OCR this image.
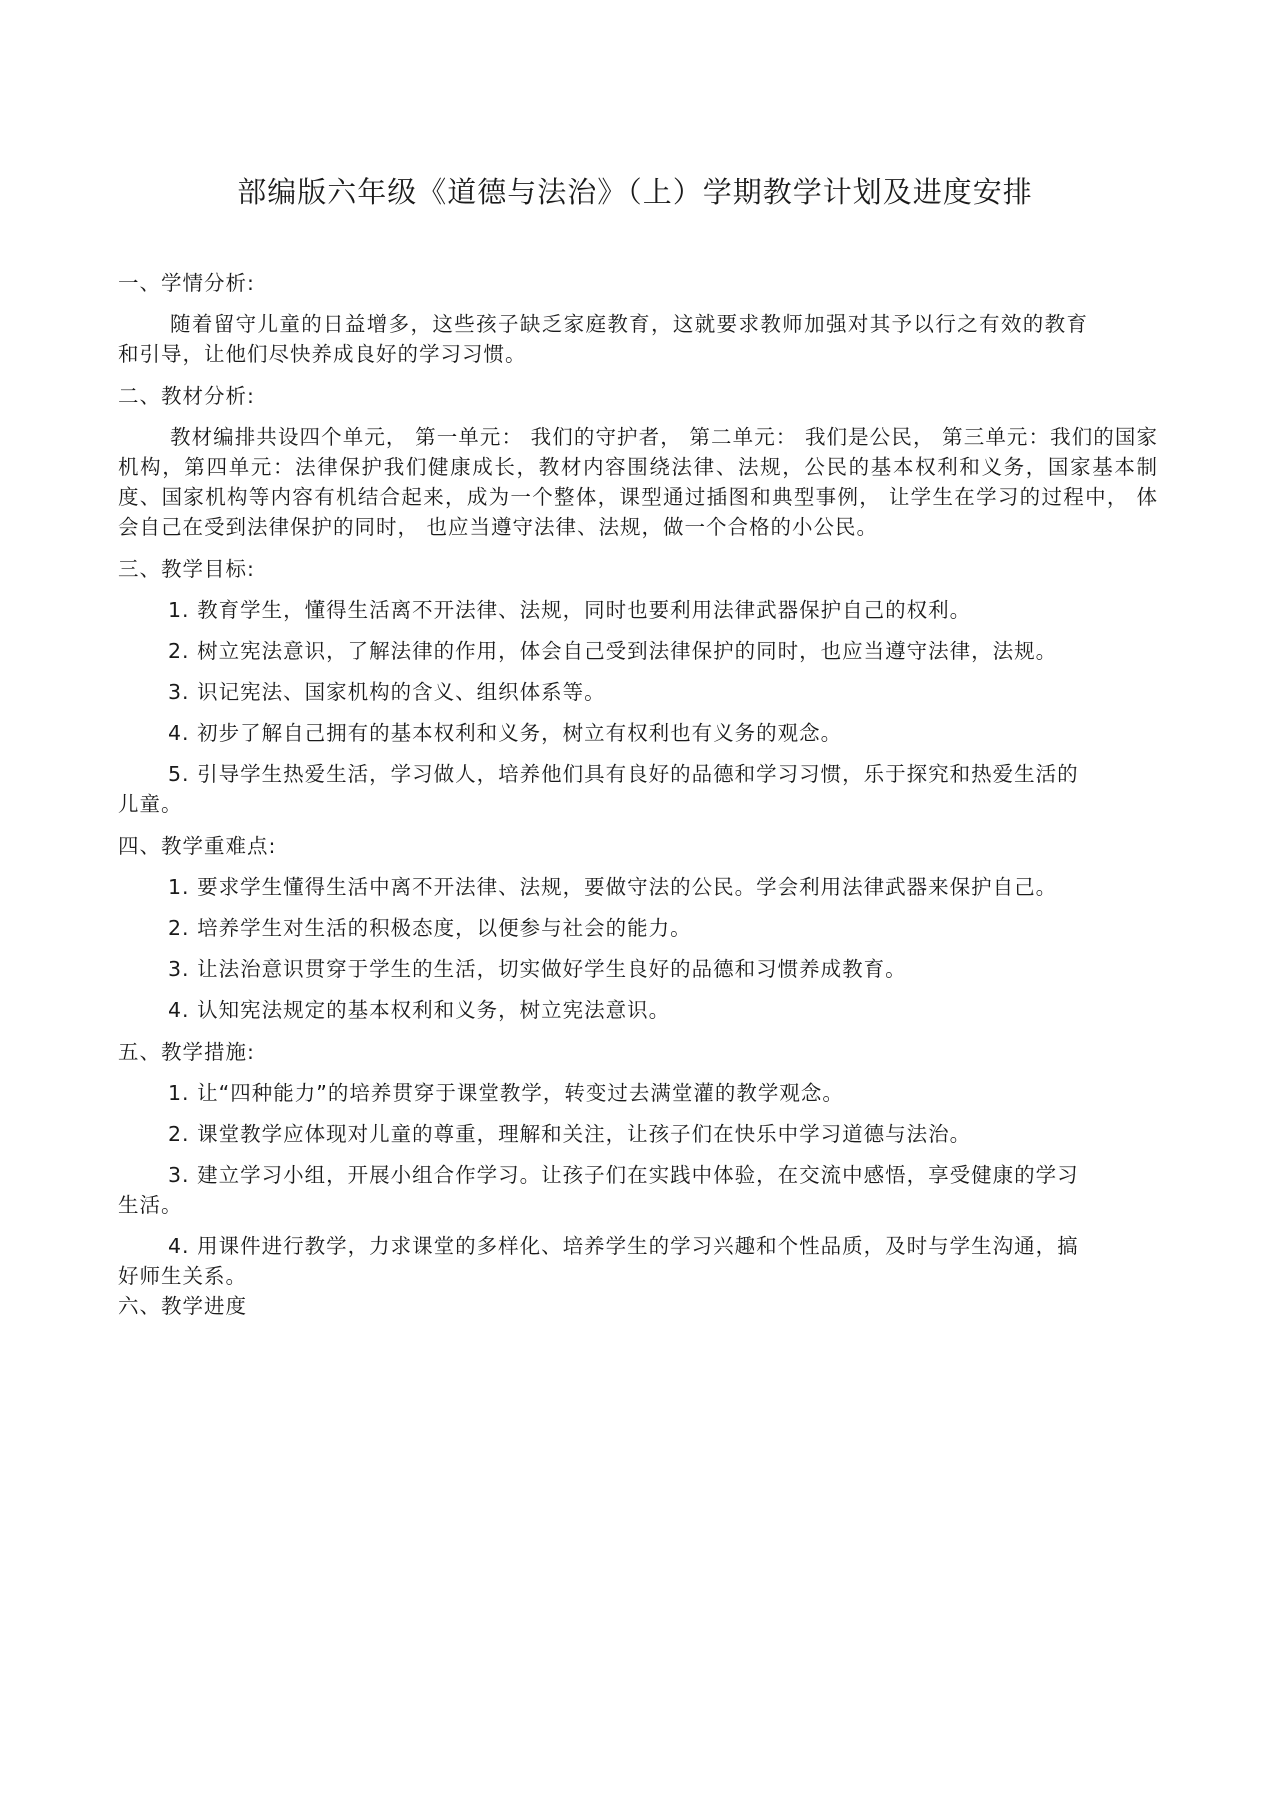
部编版六年级《道德与法治》（上）学期教学计划及进度安排

一、学情分析:

随着留守儿童的日益增多，这些孩子缺乏家庭教育，这就要求教师加强对其予以行之有效的教育和引导，让他们尽快养成良好的学习习惯。

二、教材分析:

教材编排共设四个单元， 第一单元： 我们的守护者， 第二单元： 我们是公民， 第三单元：我们的国家机构，第四单元：法律保护我们健康成长，教材内容围绕法律、法规，公民的基本权利和义务，国家基本制度、国家机构等内容有机结合起来，成为一个整体，课型通过插图和典型事例， 让学生在学习的过程中， 体会自己在受到法律保护的同时， 也应当遵守法律、法规，做一个合格的小公民。

三、教学目标:

1. 教育学生，懂得生活离不开法律、法规，同时也要利用法律武器保护自己的权利。

2. 树立宪法意识，了解法律的作用，体会自己受到法律保护的同时，也应当遵守法律，法规。

3. 识记宪法、国家机构的含义、组织体系等。

4. 初步了解自己拥有的基本权利和义务，树立有权利也有义务的观念。

5. 引导学生热爱生活，学习做人，培养他们具有良好的品德和学习习惯，乐于探究和热爱生活的儿童。

四、教学重难点:

1. 要求学生懂得生活中离不开法律、法规，要做守法的公民。学会利用法律武器来保护自己。

2. 培养学生对生活的积极态度，以便参与社会的能力。

3. 让法治意识贯穿于学生的生活，切实做好学生良好的品德和习惯养成教育。

4. 认知宪法规定的基本权利和义务，树立宪法意识。

五、教学措施:

1. 让“四种能力”的培养贯穿于课堂教学，转变过去满堂灌的教学观念。

2. 课堂教学应体现对儿童的尊重，理解和关注，让孩子们在快乐中学习道德与法治。

3. 建立学习小组，开展小组合作学习。让孩子们在实践中体验，在交流中感悟，享受健康的学习生活。

4. 用课件进行教学，力求课堂的多样化、培养学生的学习兴趣和个性品质，及时与学生沟通，搞好师生关系。

六、教学进度
